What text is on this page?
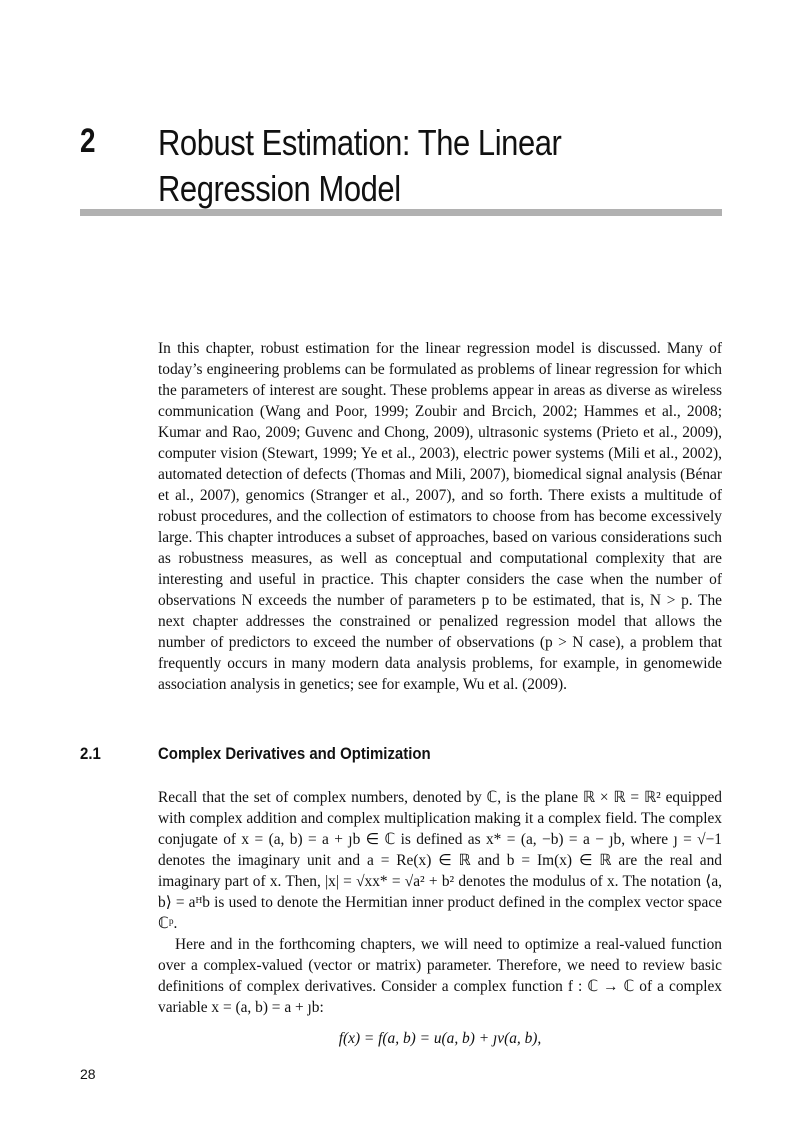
2 Robust Estimation: The Linear
Regression Model
In this chapter, robust estimation for the linear regression model is discussed. Many of today’s engineering problems can be formulated as problems of linear regression for which the parameters of interest are sought. These problems appear in areas as diverse as wireless communication (Wang and Poor, 1999; Zoubir and Brcich, 2002; Hammes et al., 2008; Kumar and Rao, 2009; Guvenc and Chong, 2009), ultrasonic systems (Prieto et al., 2009), computer vision (Stewart, 1999; Ye et al., 2003), electric power systems (Mili et al., 2002), automated detection of defects (Thomas and Mili, 2007), biomedical signal analysis (Bénar et al., 2007), genomics (Stranger et al., 2007), and so forth. There exists a multitude of robust procedures, and the collection of estimators to choose from has become excessively large. This chapter introduces a subset of approaches, based on various considerations such as robustness measures, as well as conceptual and computational complexity that are interesting and useful in practice. This chapter considers the case when the number of observations N exceeds the number of parameters p to be estimated, that is, N > p. The next chapter addresses the constrained or penalized regression model that allows the number of predictors to exceed the number of observations (p > N case), a problem that frequently occurs in many modern data analysis problems, for example, in genomewide association analysis in genetics; see for example, Wu et al. (2009).
2.1	Complex Derivatives and Optimization

Recall that the set of complex numbers, denoted by ℂ, is the plane ℝ × ℝ = ℝ² equipped with complex addition and complex multiplication making it a complex field. The complex conjugate of x = (a, b) = a + ȷb ∈ ℂ is defined as x* = (a, −b) = a − ȷb, where ȷ = √−1 denotes the imaginary unit and a = Re(x) ∈ ℝ and b = Im(x) ∈ ℝ are the real and imaginary part of x. Then, |x| = √xx* = √a² + b² denotes the modulus of x. The notation ⟨a, b⟩ = aᴴb is used to denote the Hermitian inner product defined in the complex vector space ℂᵖ.

Here and in the forthcoming chapters, we will need to optimize a real-valued function over a complex-valued (vector or matrix) parameter. Therefore, we need to review basic definitions of complex derivatives. Consider a complex function f : ℂ → ℂ of a complex variable x = (a, b) = a + ȷb:

f(x) = f(a, b) = u(a, b) + ȷv(a, b),
28
